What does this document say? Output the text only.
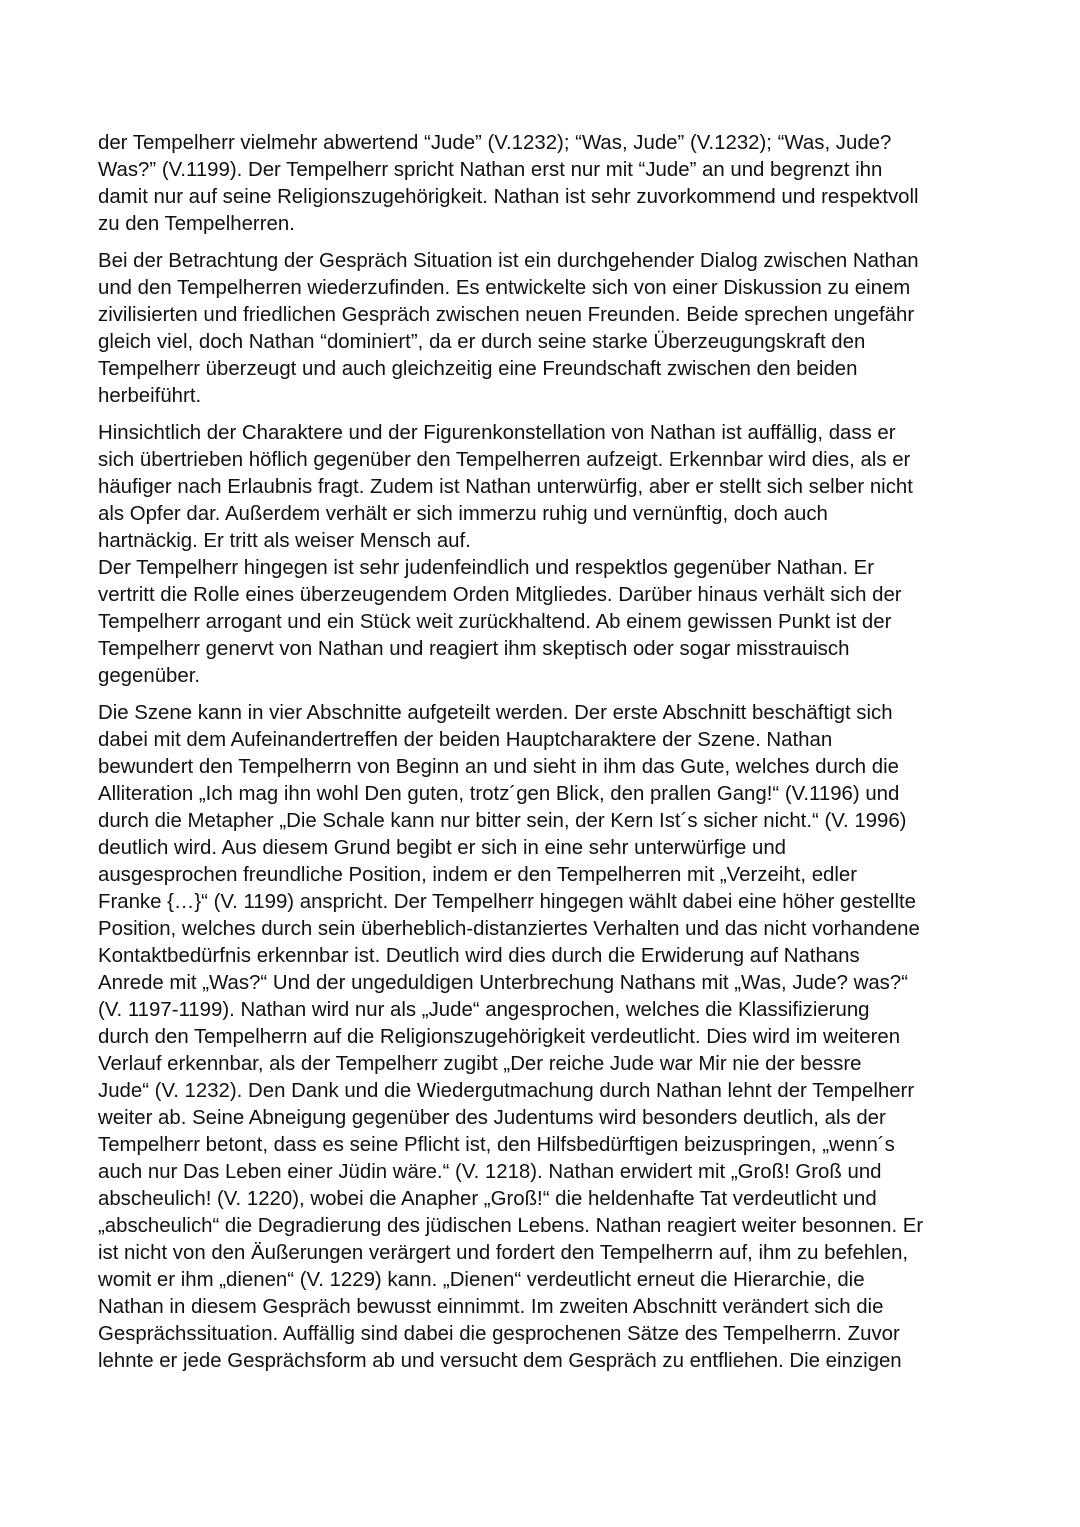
der Tempelherr vielmehr abwertend “Jude” (V.1232); “Was, Jude” (V.1232); “Was, Jude?
Was?” (V.1199). Der Tempelherr spricht Nathan erst nur mit “Jude” an und begrenzt ihn
damit nur auf seine Religionszugehörigkeit. Nathan ist sehr zuvorkommend und respektvoll
zu den Tempelherren.

Bei der Betrachtung der Gespräch Situation ist ein durchgehender Dialog zwischen Nathan
und den Tempelherren wiederzufinden. Es entwickelte sich von einer Diskussion zu einem
zivilisierten und friedlichen Gespräch zwischen neuen Freunden. Beide sprechen ungefähr
gleich viel, doch Nathan “dominiert”, da er durch seine starke Überzeugungskraft den
Tempelherr überzeugt und auch gleichzeitig eine Freundschaft zwischen den beiden
herbeiführt.

Hinsichtlich der Charaktere und der Figurenkonstellation von Nathan ist auffällig, dass er
sich übertrieben höflich gegenüber den Tempelherren aufzeigt. Erkennbar wird dies, als er
häufiger nach Erlaubnis fragt. Zudem ist Nathan unterwürfig, aber er stellt sich selber nicht
als Opfer dar. Außerdem verhält er sich immerzu ruhig und vernünftig, doch auch
hartnäckig. Er tritt als weiser Mensch auf.

Der Tempelherr hingegen ist sehr judenfeindlich und respektlos gegenüber Nathan. Er
vertritt die Rolle eines überzeugendem Orden Mitgliedes. Darüber hinaus verhält sich der
Tempelherr arrogant und ein Stück weit zurückhaltend. Ab einem gewissen Punkt ist der
Tempelherr genervt von Nathan und reagiert ihm skeptisch oder sogar misstrauisch
gegenüber.

Die Szene kann in vier Abschnitte aufgeteilt werden. Der erste Abschnitt beschäftigt sich
dabei mit dem Aufeinandertreffen der beiden Hauptcharaktere der Szene. Nathan
bewundert den Tempelherrn von Beginn an und sieht in ihm das Gute, welches durch die
Alliteration „Ich mag ihn wohl Den guten, trotz´gen Blick, den prallen Gang!“ (V.1196) und
durch die Metapher „Die Schale kann nur bitter sein, der Kern Ist´s sicher nicht.“ (V. 1996)
deutlich wird. Aus diesem Grund begibt er sich in eine sehr unterwürfige und
ausgesprochen freundliche Position, indem er den Tempelherren mit „Verzeiht, edler
Franke {…}“ (V. 1199) anspricht. Der Tempelherr hingegen wählt dabei eine höher gestellte
Position, welches durch sein überheblich-distanziertes Verhalten und das nicht vorhandene
Kontaktbedürfnis erkennbar ist. Deutlich wird dies durch die Erwiderung auf Nathans
Anrede mit „Was?“ Und der ungeduldigen Unterbrechung Nathans mit „Was, Jude? was?“
(V. 1197-1199). Nathan wird nur als „Jude“ angesprochen, welches die Klassifizierung
durch den Tempelherrn auf die Religionszugehörigkeit verdeutlicht. Dies wird im weiteren
Verlauf erkennbar, als der Tempelherr zugibt „Der reiche Jude war Mir nie der bessre
Jude“ (V. 1232). Den Dank und die Wiedergutmachung durch Nathan lehnt der Tempelherr
weiter ab. Seine Abneigung gegenüber des Judentums wird besonders deutlich, als der
Tempelherr betont, dass es seine Pflicht ist, den Hilfsbedürftigen beizuspringen, „wenn´s
auch nur Das Leben einer Jüdin wäre.“ (V. 1218). Nathan erwidert mit „Groß! Groß und
abscheulich! (V. 1220), wobei die Anapher „Groß!“ die heldenhafte Tat verdeutlicht und
„abscheulich“ die Degradierung des jüdischen Lebens. Nathan reagiert weiter besonnen. Er
ist nicht von den Äußerungen verärgert und fordert den Tempelherrn auf, ihm zu befehlen,
womit er ihm „dienen“ (V. 1229) kann. „Dienen“ verdeutlicht erneut die Hierarchie, die
Nathan in diesem Gespräch bewusst einnimmt. Im zweiten Abschnitt verändert sich die
Gesprächssituation. Auffällig sind dabei die gesprochenen Sätze des Tempelherrn. Zuvor
lehnte er jede Gesprächsform ab und versucht dem Gespräch zu entfliehen. Die einzigen
